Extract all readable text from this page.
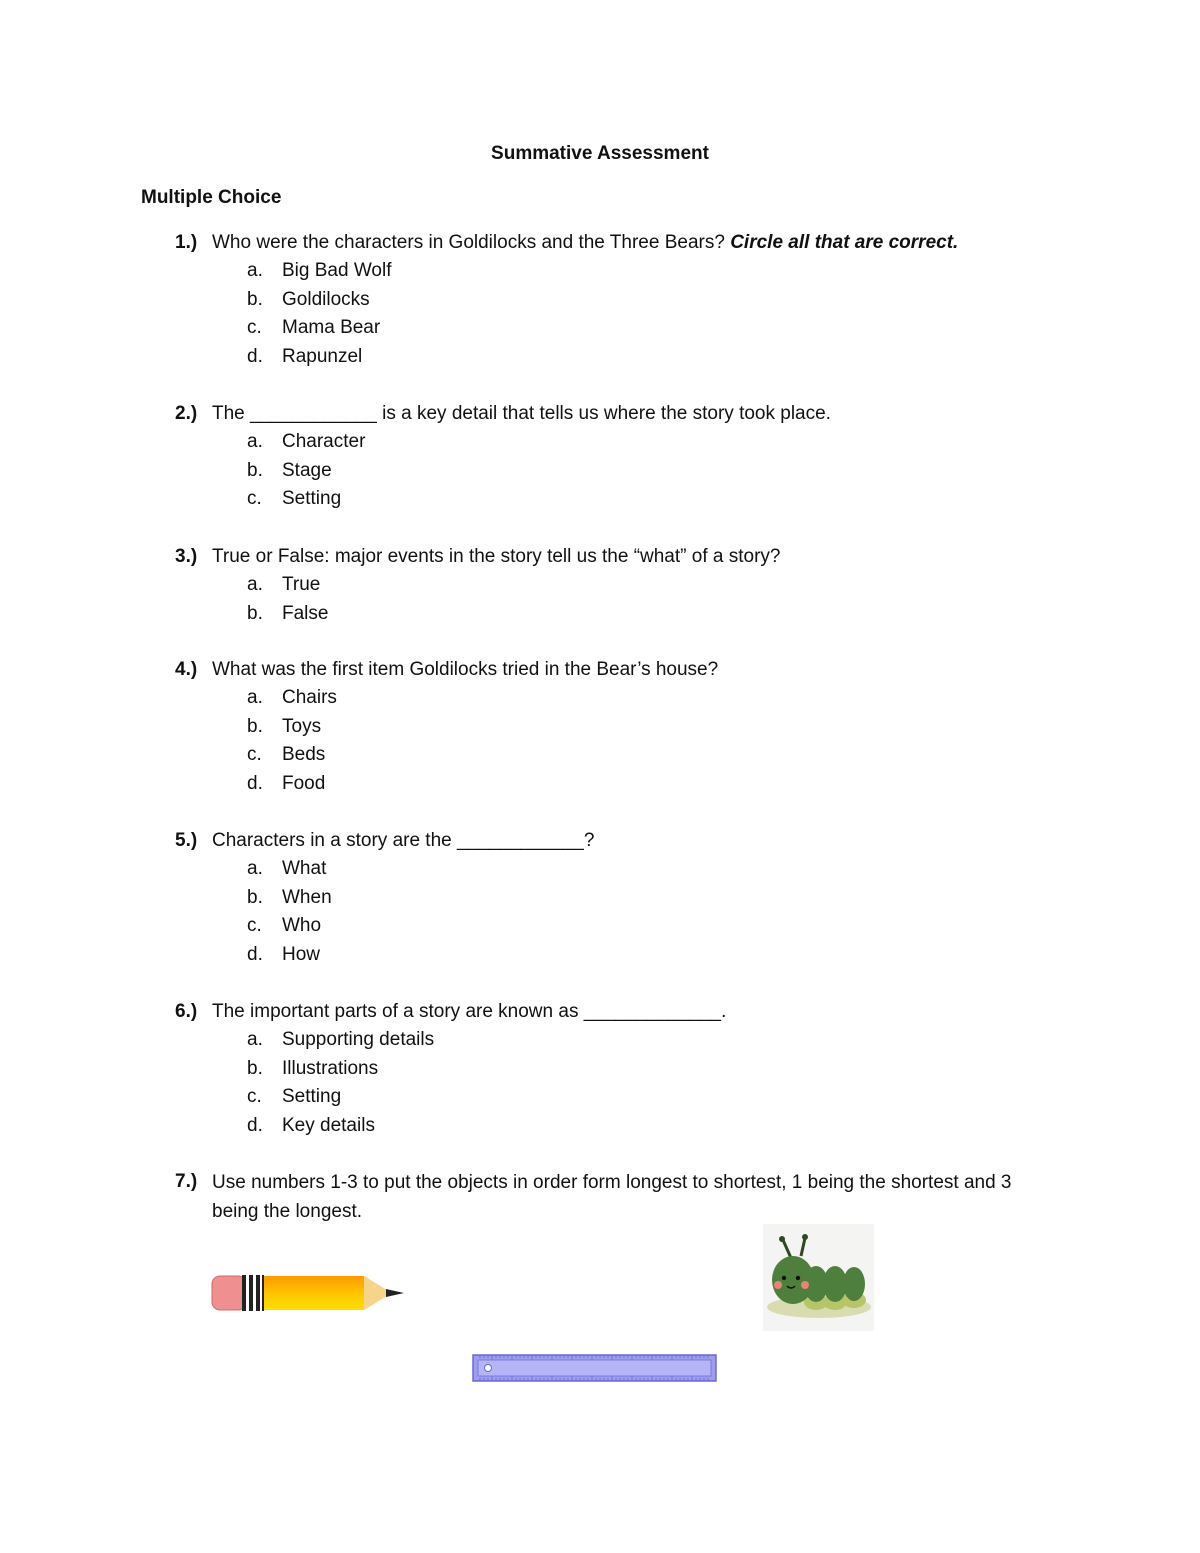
Summative Assessment
Multiple Choice
1.) Who were the characters in Goldilocks and the Three Bears? Circle all that are correct.
a. Big Bad Wolf
b. Goldilocks
c. Mama Bear
d. Rapunzel
2.) The ____________ is a key detail that tells us where the story took place.
a. Character
b. Stage
c. Setting
3.) True or False: major events in the story tell us the “what” of a story?
a. True
b. False
4.) What was the first item Goldilocks tried in the Bear’s house?
a. Chairs
b. Toys
c. Beds
d. Food
5.) Characters in a story are the ____________?
a. What
b. When
c. Who
d. How
6.) The important parts of a story are known as _____________.
a. Supporting details
b. Illustrations
c. Setting
d. Key details
7.) Use numbers 1-3 to put the objects in order form longest to shortest, 1 being the shortest and 3 being the longest.
